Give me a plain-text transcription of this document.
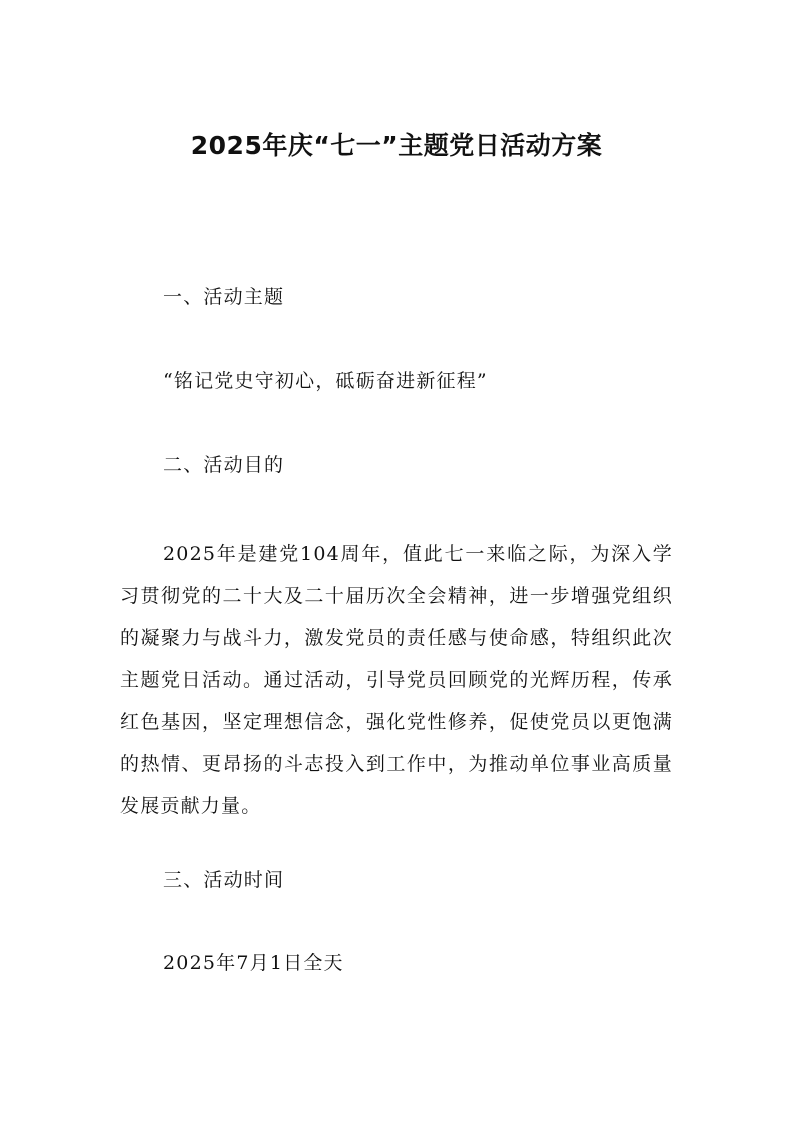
2025年庆“七一”主题党日活动方案
一、活动主题
“铭记党史守初心，砥砺奋进新征程”
二、活动目的

2025年是建党104周年，值此七一来临之际，为深入学习贯彻党的二十大及二十届历次全会精神，进一步增强党组织的凝聚力与战斗力，激发党员的责任感与使命感，特组织此次主题党日活动。通过活动，引导党员回顾党的光辉历程，传承红色基因，坚定理想信念，强化党性修养，促使党员以更饱满的热情、更昂扬的斗志投入到工作中，为推动单位事业高质量发展贡献力量。

三、活动时间
2025年7月1日全天
